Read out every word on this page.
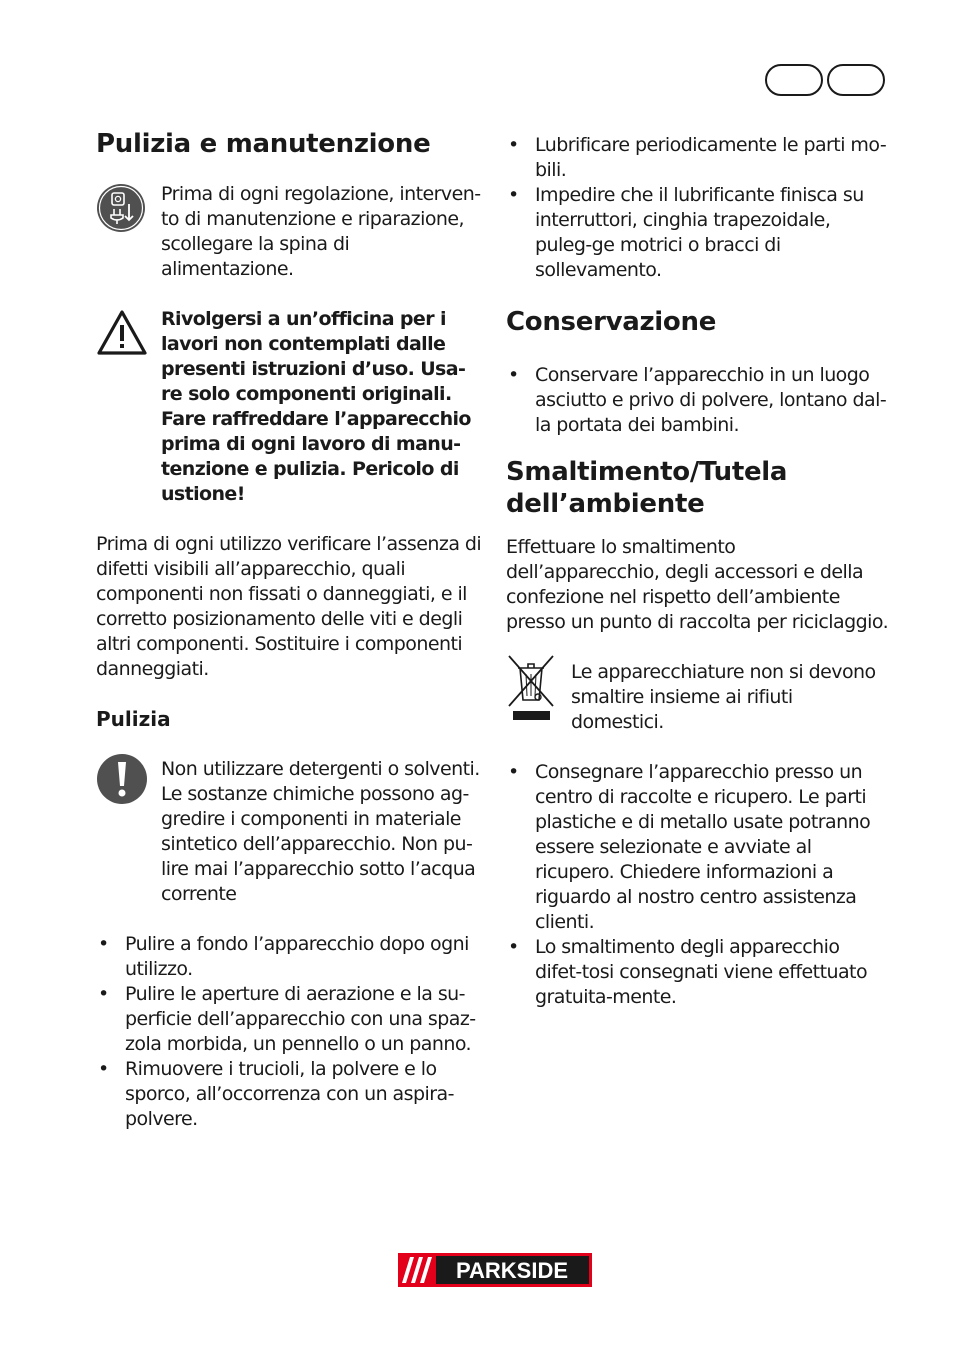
Pulizia e manutenzione

Prima di ogni regolazione, interven-to di manutenzione e riparazione, scollegare la spina di alimentazione.

Rivolgersi a un’officina per i lavori non contemplati dalle presenti istruzioni d’uso. Usa-re solo componenti originali. Fare raffreddare l’apparecchio prima di ogni lavoro di manu-tenzione e pulizia. Pericolo di ustione!

Prima di ogni utilizzo verificare l’assenza di difetti visibili all’apparecchio, quali componenti non fissati o danneggiati, e il corretto posizionamento delle viti e degli altri componenti. Sostituire i componenti danneggiati.

Pulizia

Non utilizzare detergenti o solventi. Le sostanze chimiche possono ag-gredire i componenti in materiale sintetico dell’apparecchio. Non pu-lire mai l’apparecchio sotto l’acqua corrente

• Pulire a fondo l’apparecchio dopo ogni utilizzo.
• Pulire le aperture di aerazione e la su-perficie dell’apparecchio con una spaz-zola morbida, un pennello o un panno.
• Rimuovere i trucioli, la polvere e lo sporco, all’occorrenza con un aspira-polvere.
• Lubrificare periodicamente le parti mo-bili.
• Impedire che il lubrificante finisca su interruttori, cinghia trapezoidale, puleg-ge motrici o bracci di sollevamento.
Conservazione
• Conservare l’apparecchio in un luogo asciutto e privo di polvere, lontano dal-la portata dei bambini.
Smaltimento/Tutela
dell’ambiente

Effettuare lo smaltimento dell’apparecchio, degli accessori e della confezione nel rispetto dell’ambiente presso un punto di raccolta per riciclaggio.

Le apparecchiature non si devono smaltire insieme ai rifiuti domestici.

• Consegnare l’apparecchio presso un centro di raccolte e ricupero. Le parti plastiche e di metallo usate potranno essere selezionate e avviate al ricupero. Chiedere informazioni a riguardo al nostro centro assistenza clienti.
• Lo smaltimento degli apparecchio difet-tosi consegnati viene effettuato gratuita-mente.
PARKSIDE
